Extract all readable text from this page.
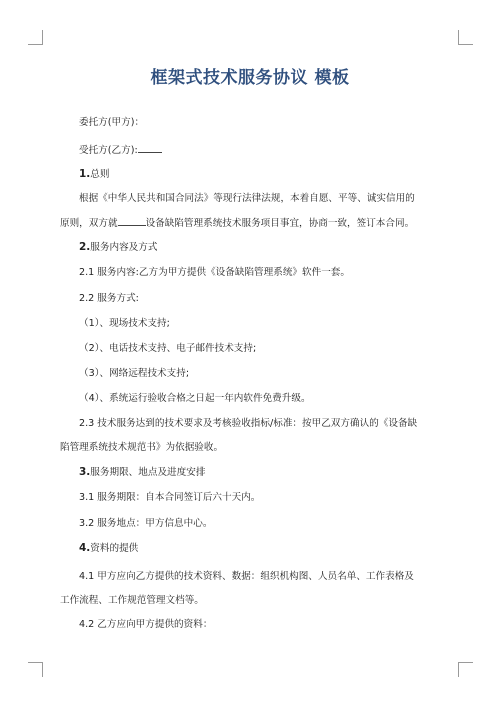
框架式技术服务协议 模板
委托方(甲方)：
受托方(乙方):
1.总则
根据《中华人民共和国合同法》等现行法律法规，本着自愿、平等、诚实信用的
原则，双方就	设备缺陷管理系统技术服务项目事宜，协商一致，签订本合同。
2.服务内容及方式
2.1 服务内容:乙方为甲方提供《设备缺陷管理系统》软件一套。
2.2 服务方式:
（1）、现场技术支持;
（2）、电话技术支持、电子邮件技术支持;
（3）、网络远程技术支持;
（4）、系统运行验收合格之日起一年内软件免费升级。
2.3 技术服务达到的技术要求及考核验收指标/标准：按甲乙双方确认的《设备缺
陷管理系统技术规范书》为依据验收。
3.服务期限、地点及进度安排
3.1 服务期限：自本合同签订后六十天内。
3.2 服务地点：甲方信息中心。
4.资料的提供
4.1 甲方应向乙方提供的技术资料、数据：组织机构图、人员名单、工作表格及
工作流程、工作规范管理文档等。
4.2 乙方应向甲方提供的资料：
